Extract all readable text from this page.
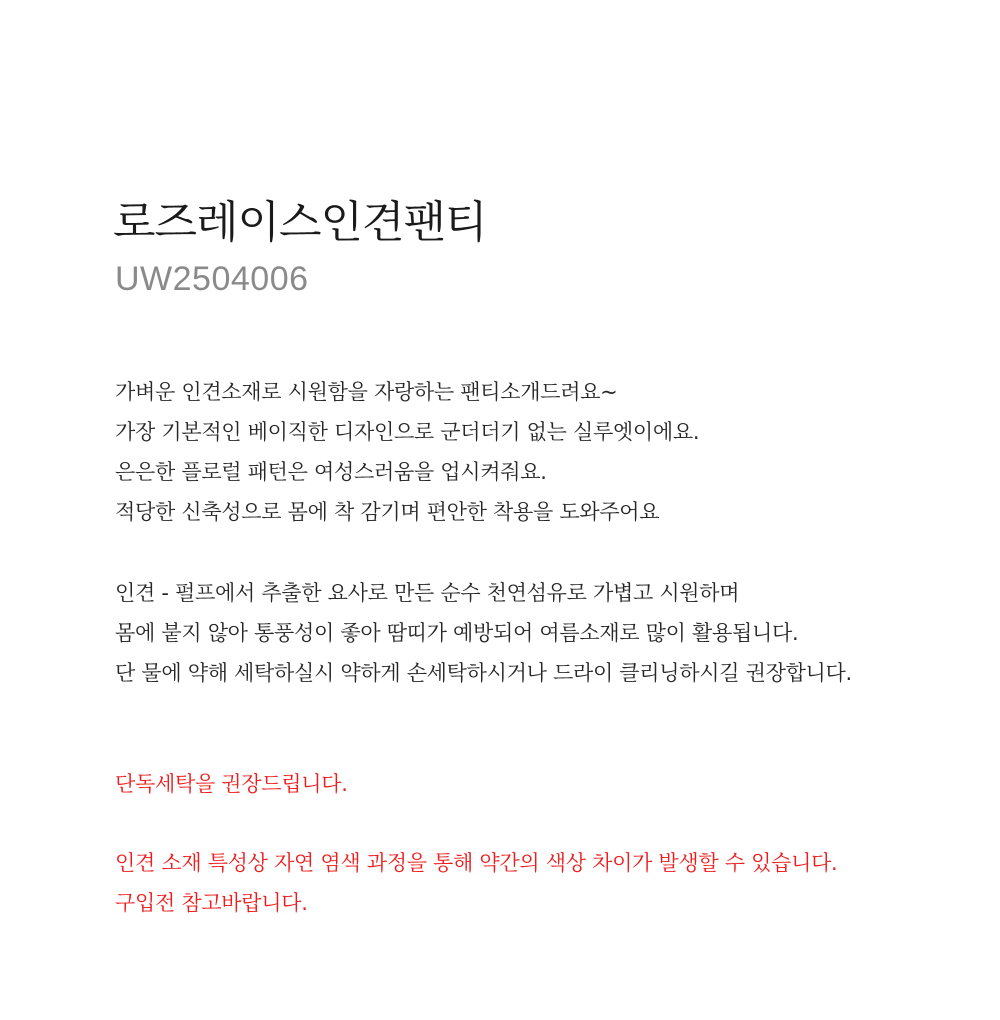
로즈레이스인견팬티

UW2504006

가벼운 인견소재로 시원함을 자랑하는 팬티소개드려요~
가장 기본적인 베이직한 디자인으로 군더더기 없는 실루엣이에요.
은은한 플로럴 패턴은 여성스러움을 업시켜줘요.
적당한 신축성으로 몸에 착 감기며 편안한 착용을 도와주어요
인견 - 펄프에서 추출한 요사로 만든 순수 천연섬유로 가볍고 시원하며
몸에 붙지 않아 통풍성이 좋아 땀띠가 예방되어 여름소재로 많이 활용됩니다.
단 물에 약해 세탁하실시 약하게 손세탁하시거나 드라이 클리닝하시길 권장합니다.
단독세탁을 권장드립니다.
인견 소재 특성상 자연 염색 과정을 통해 약간의 색상 차이가 발생할 수 있습니다.
구입전 참고바랍니다.
